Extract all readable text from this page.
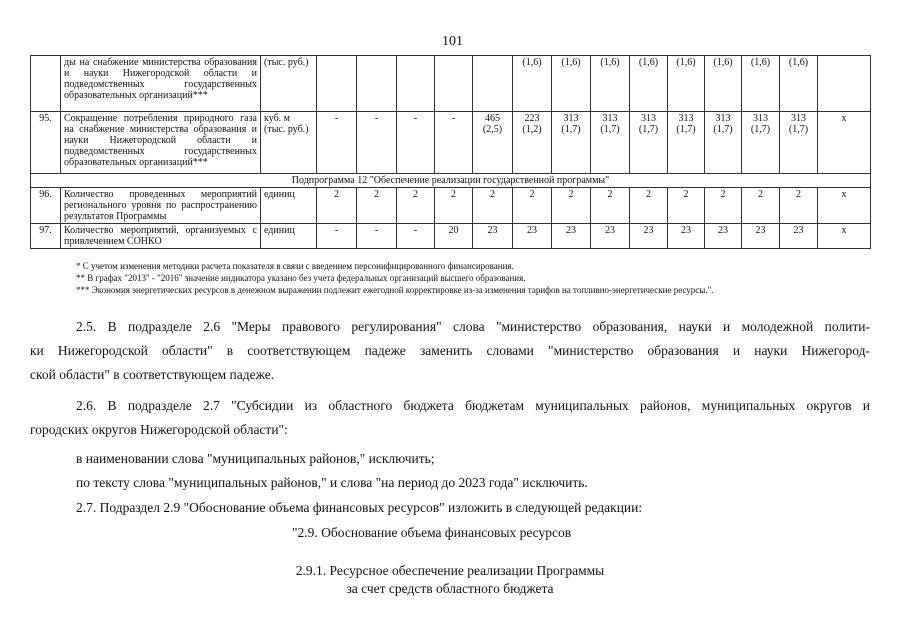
101
	ды на снабжение министерства образования и науки Нижегородской области и подведомственных государственных образовательных организаций***	(тыс. руб.)						(1,6)	(1,6)	(1,6)	(1,6)	(1,6)	(1,6)	(1,6)	(1,6)	
95.	Сокращение потребления природного газа на снабжение министерства образования и науки Нижегородской области и подведомственных государственных образовательных организаций***	куб. м (тыс. руб.)	-	-	-	-	465 (2,5)	223 (1,2)	313 (1,7)	313 (1,7)	313 (1,7)	313 (1,7)	313 (1,7)	313 (1,7)	313 (1,7)	x
Подпрограмма 12 "Обеспечение реализации государственной программы"																
96.	Количество проведенных мероприятий регионального уровня по распространению результатов Программы	единиц	2	2	2	2	2	2	2	2	2	2	2	2	2	x
97.	Количество мероприятий, организуемых с привлечением СОНКО	единиц	-	-	-	20	23	23	23	23	23	23	23	23	23	x
* С учетом изменения методики расчета показателя в связи с введением персонифицированного финансирования.
** В графах "2013" - "2016" значение индикатора указано без учета федеральных организаций высшего образования.
*** Экономия энергетических ресурсов в денежном выражении подлежит ежегодной корректировке из-за изменения тарифов на топливно-энергетические ресурсы.".

2.5. В подразделе 2.6 "Меры правового регулирования" слова "министерство образования, науки и молодежной полити-

ки Нижегородской области" в соответствующем падеже заменить словами "министерство образования и науки Нижегород-

ской области" в соответствующем падеже.

2.6. В подразделе 2.7 "Субсидии из областного бюджета бюджетам муниципальных районов, муниципальных округов и

городских округов Нижегородской области":

в наименовании слова "муниципальных районов," исключить;
по тексту слова "муниципальных районов," и слова "на период до 2023 года" исключить.
2.7. Подраздел 2.9 "Обоснование объема финансовых ресурсов" изложить в следующей редакции:
"2.9. Обоснование объема финансовых ресурсов
2.9.1. Ресурсное обеспечение реализации Программы
за счет средств областного бюджета
